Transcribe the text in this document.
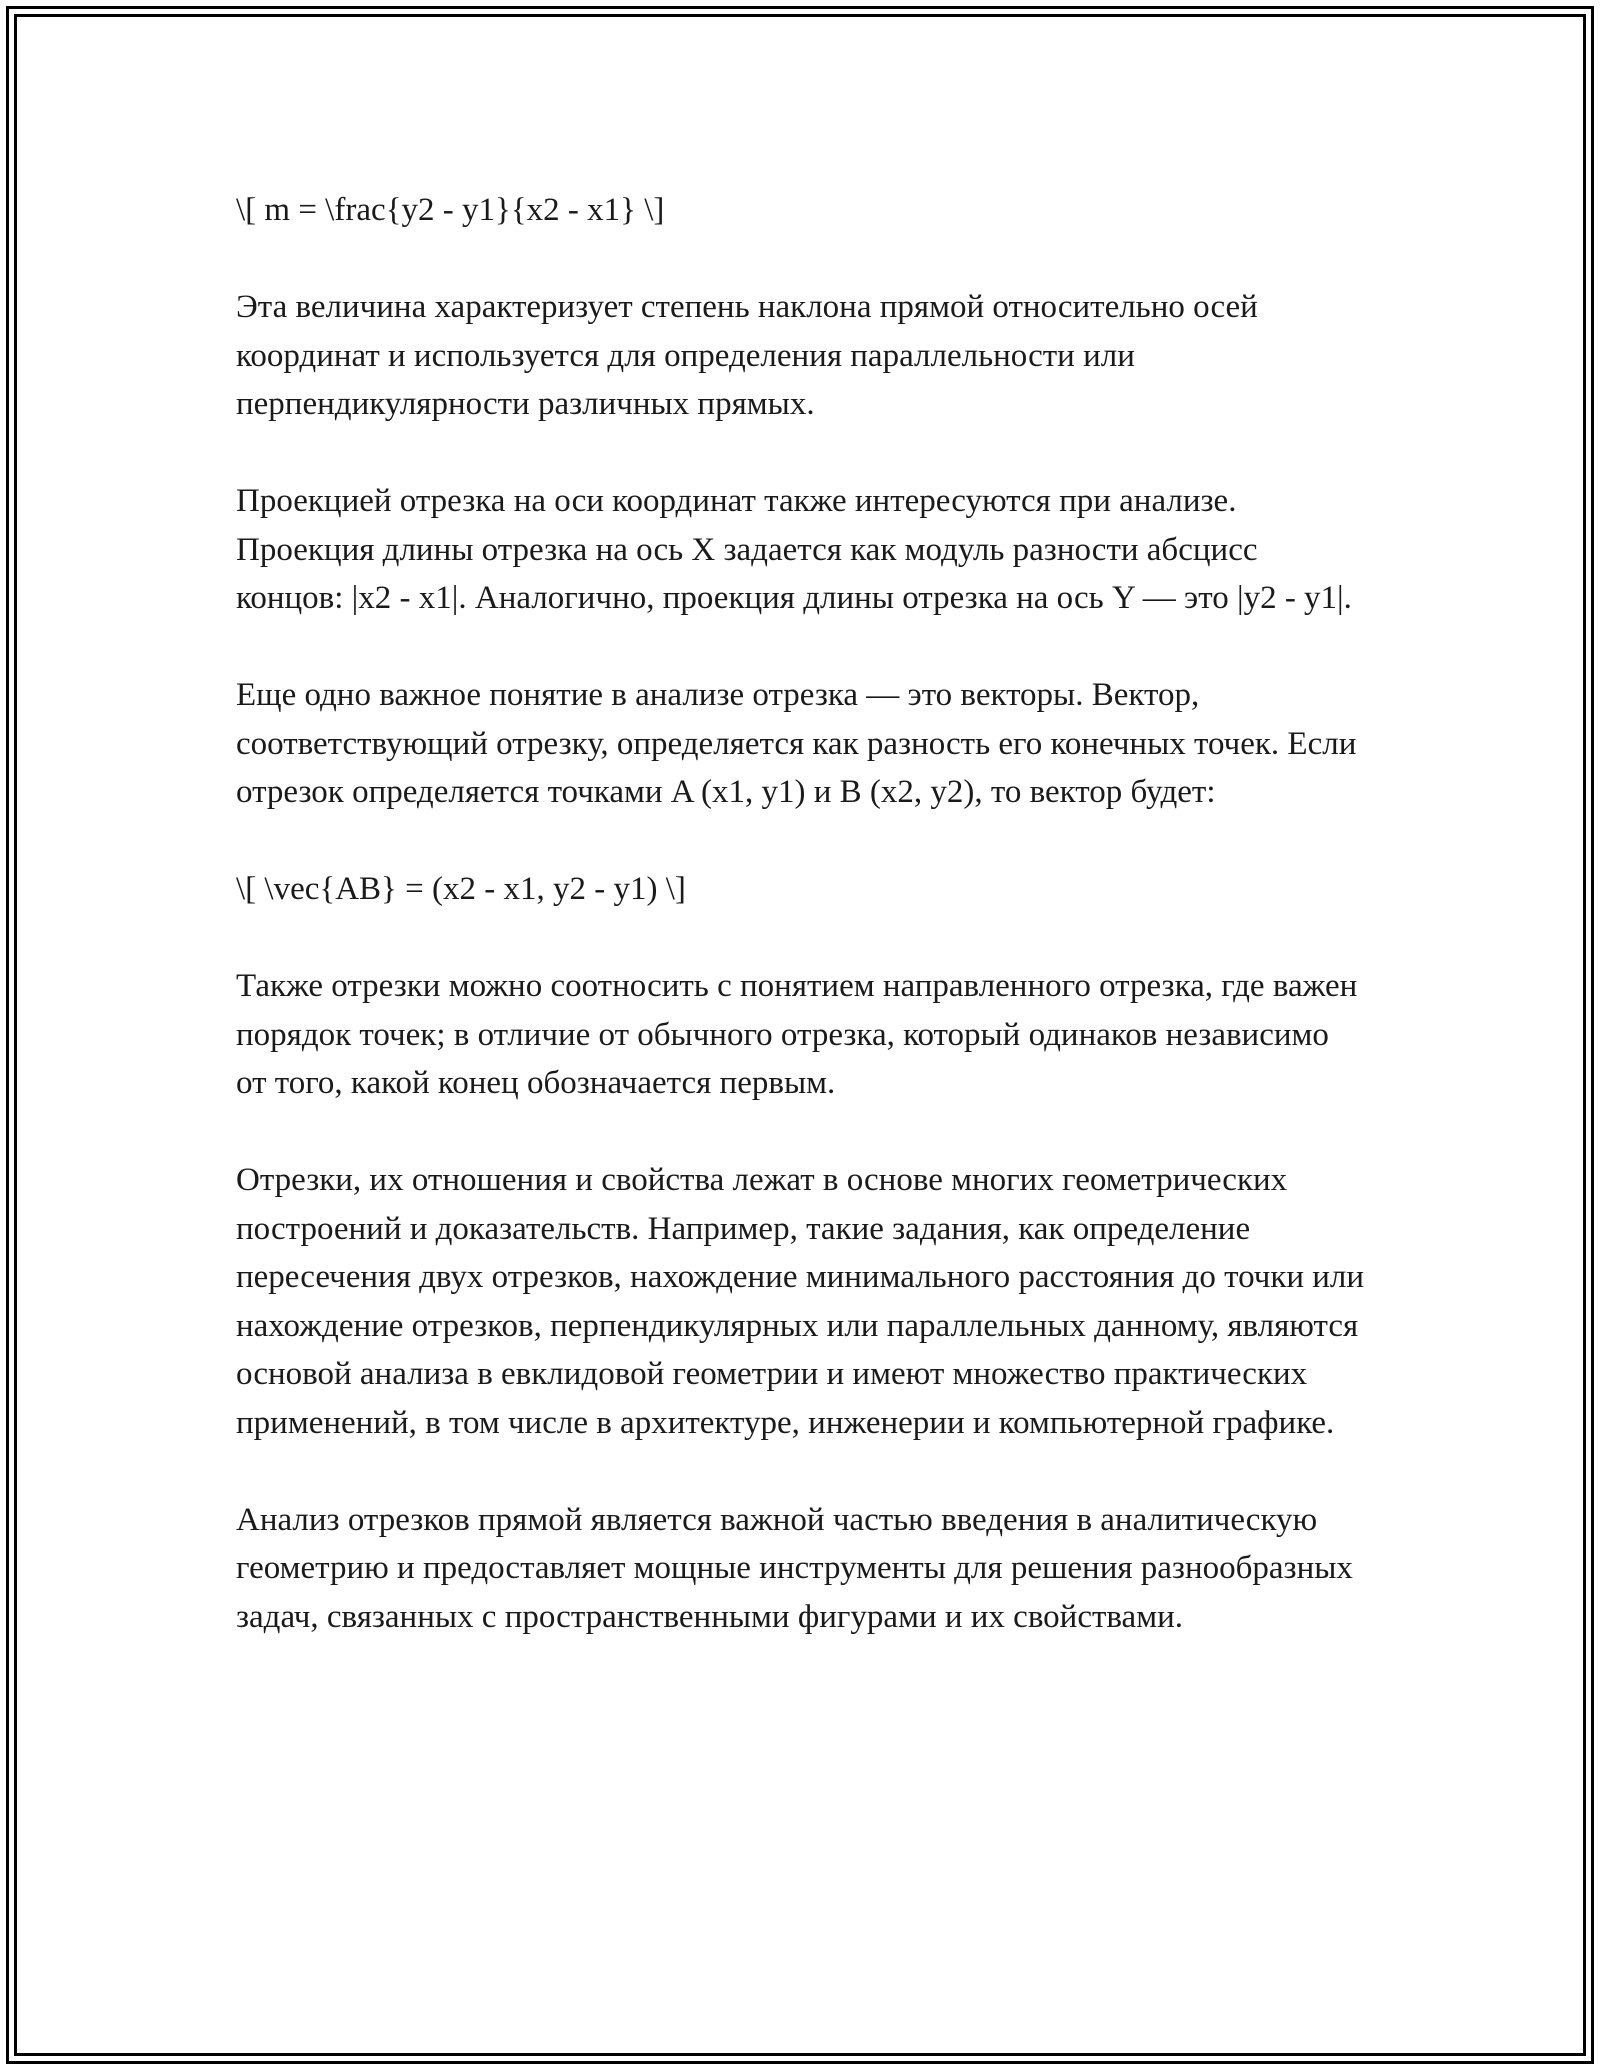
\[ m = \frac{y2 - y1}{x2 - x1} \]

Эта величина характеризует степень наклона прямой относительно осей координат и используется для определения параллельности или перпендикулярности различных прямых.

Проекцией отрезка на оси координат также интересуются при анализе. Проекция длины отрезка на ось X задается как модуль разности абсцисс концов: |x2 - x1|. Аналогично, проекция длины отрезка на ось Y — это |y2 - y1|.

Еще одно важное понятие в анализе отрезка — это векторы. Вектор, соответствующий отрезку, определяется как разность его конечных точек. Если отрезок определяется точками A (x1, y1) и B (x2, y2), то вектор будет:

\[ \vec{AB} = (x2 - x1, y2 - y1) \]

Также отрезки можно соотносить с понятием направленного отрезка, где важен порядок точек; в отличие от обычного отрезка, который одинаков независимо от того, какой конец обозначается первым.

Отрезки, их отношения и свойства лежат в основе многих геометрических построений и доказательств. Например, такие задания, как определение пересечения двух отрезков, нахождение минимального расстояния до точки или нахождение отрезков, перпендикулярных или параллельных данному, являются основой анализа в евклидовой геометрии и имеют множество практических применений, в том числе в архитектуре, инженерии и компьютерной графике.

Анализ отрезков прямой является важной частью введения в аналитическую геометрию и предоставляет мощные инструменты для решения разнообразных задач, связанных с пространственными фигурами и их свойствами.
